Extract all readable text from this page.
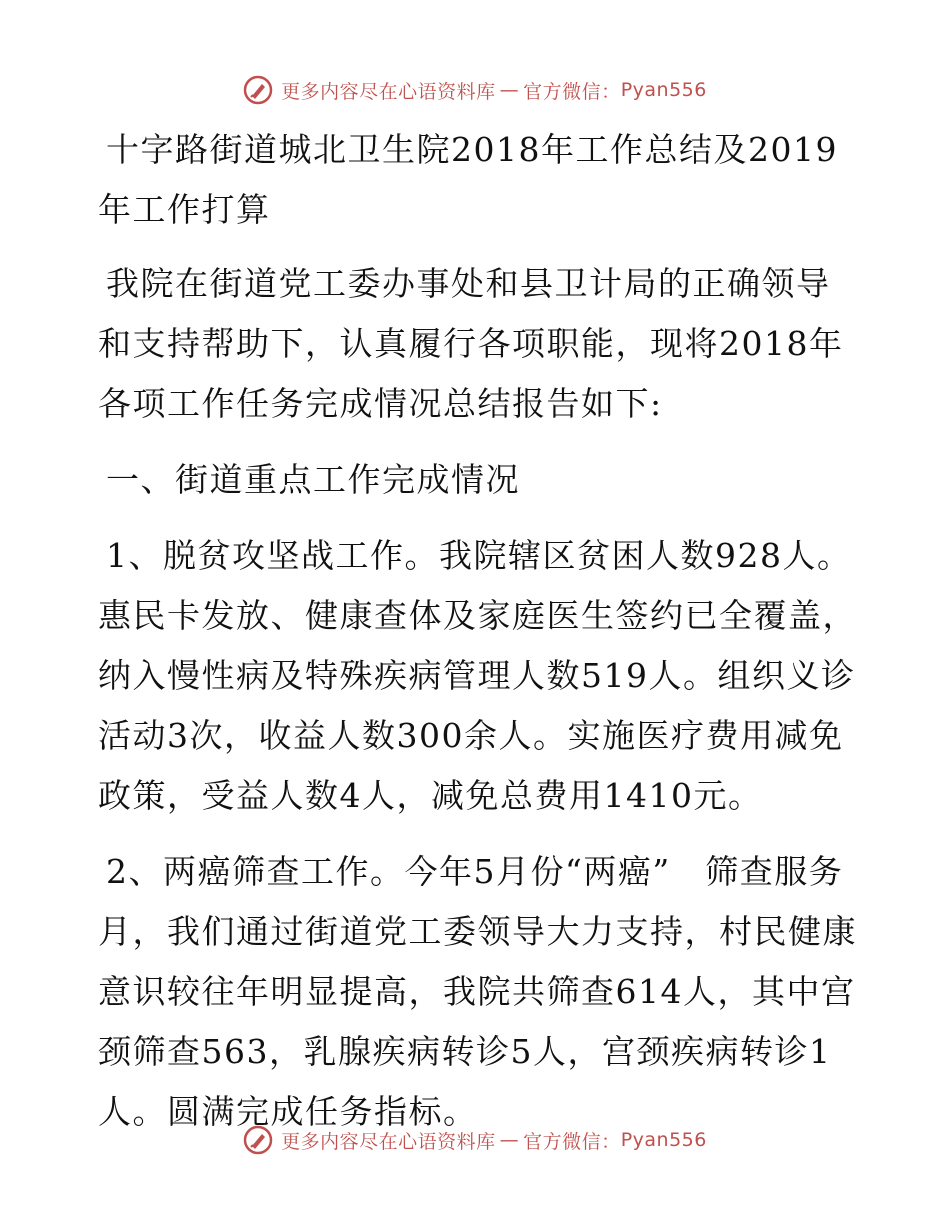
更多内容尽在心语资料库 — 官方微信： Pyan556

十字路街道城北卫生院2018年工作总结及2019年工作打算

我院在街道党工委办事处和县卫计局的正确领导和支持帮助下，认真履行各项职能，现将2018年各项工作任务完成情况总结报告如下:

一、街道重点工作完成情况

1、脱贫攻坚战工作。我院辖区贫困人数928人。惠民卡发放、健康查体及家庭医生签约已全覆盖，纳入慢性病及特殊疾病管理人数519人。组织义诊活动3次，收益人数300余人。实施医疗费用减免政策，受益人数4人，减免总费用1410元。

2、两癌筛查工作。今年5月份“两癌”　筛查服务月，我们通过街道党工委领导大力支持，村民健康意识较往年明显提高，我院共筛查614人，其中宫颈筛查563，乳腺疾病转诊5人，宫颈疾病转诊1人。圆满完成任务指标。

更多内容尽在心语资料库 — 官方微信： Pyan556
